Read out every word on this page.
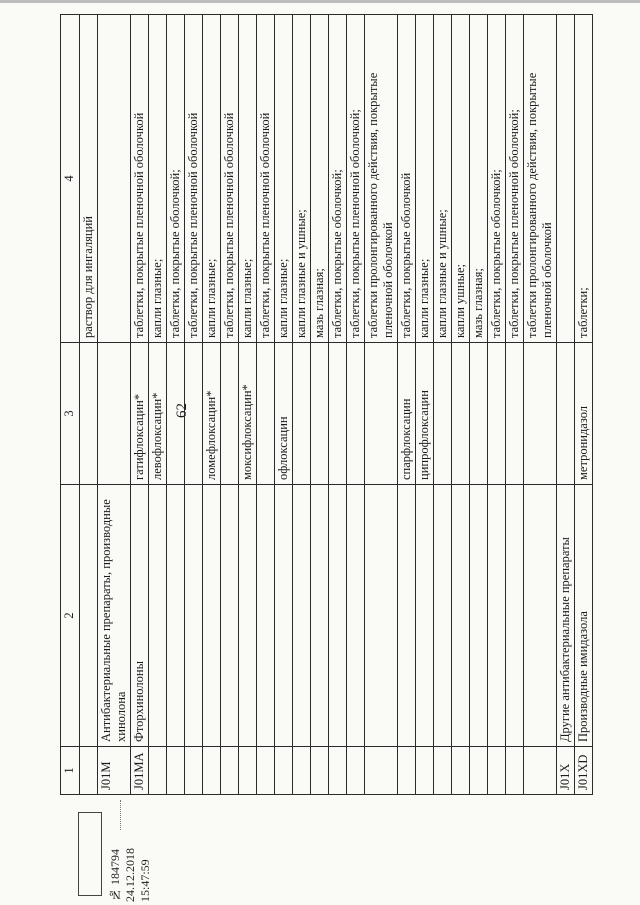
62
1	2	3	4
			раствор для ингаляций
J01M	Антибактериальные препараты, производные хинолона		
J01MA	Фторхинолоны	гатифлоксацин*	таблетки, покрытые пленочной оболочкой
		левофлоксацин*	капли глазные;
			таблетки, покрытые оболочкой;
			таблетки, покрытые пленочной оболочкой
		ломефлоксацин*	капли глазные;
			таблетки, покрытые пленочной оболочкой
		моксифлоксацин*	капли глазные;
			таблетки, покрытые пленочной оболочкой
		офлоксацин	капли глазные;
			капли глазные и ушные;
			мазь глазная;
			таблетки, покрытые оболочкой;
			таблетки, покрытые пленочной оболочкой;
			таблетки пролонгированного действия, покрытые пленочной оболочкой
		спарфлоксацин	таблетки, покрытые оболочкой
		ципрофлоксацин	капли глазные;
			капли глазные и ушные;
			капли ушные;
			мазь глазная;
			таблетки, покрытые оболочкой;
			таблетки, покрытые пленочной оболочкой;
			таблетки пролонгированного действия, покрытые пленочной оболочкой
J01X	Другие антибактериальные препараты		
J01XD	Производные имидазола	метронидазол	таблетки;
№ 184794 24.12.2018 15:47:59
